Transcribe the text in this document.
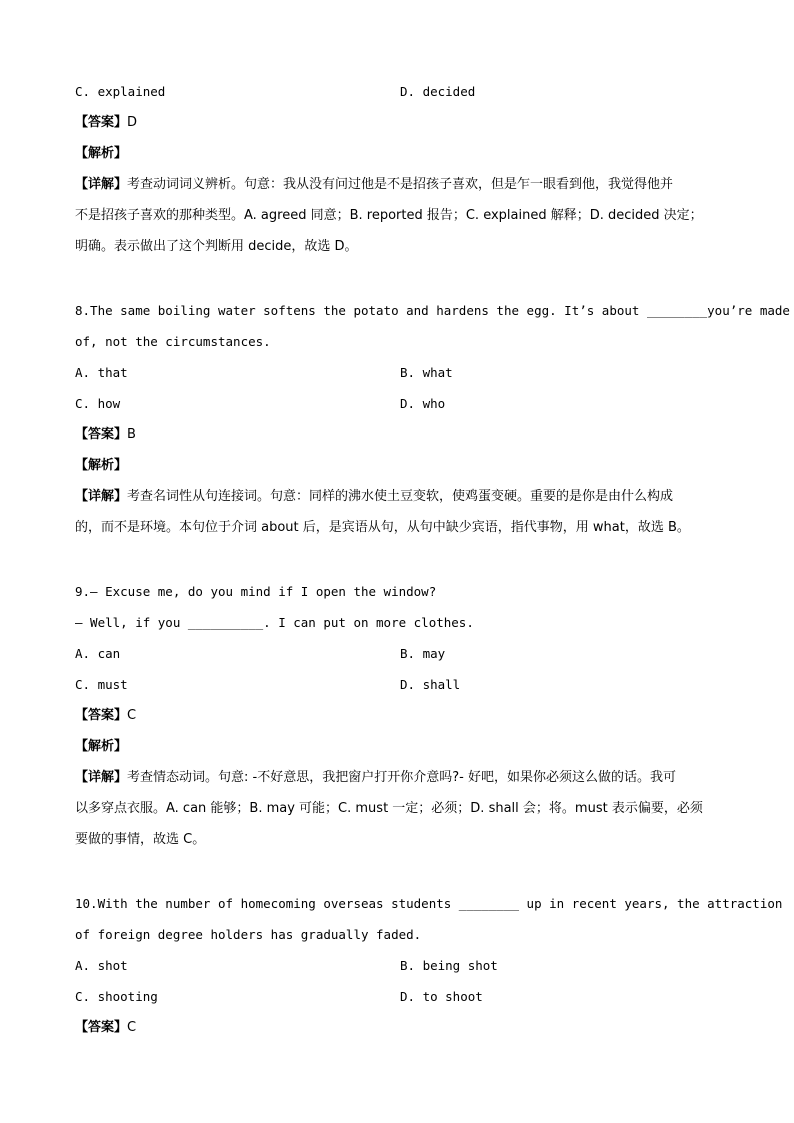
C. explained	D. decided
【答案】D
【解析】
【详解】考查动词词义辨析。句意：我从没有问过他是不是招孩子喜欢，但是乍一眼看到他，我觉得他并
不是招孩子喜欢的那种类型。A. agreed 同意；B. reported 报告；C. explained 解释；D. decided 决定；
明确。表示做出了这个判断用 decide，故选 D。
8.The same boiling water softens the potato and hardens the egg. It’s about ________you’re made
of, not the circumstances.
A. that	B. what
C. how	D. who
【答案】B
【解析】
【详解】考查名词性从句连接词。句意：同样的沸水使土豆变软，使鸡蛋变硬。重要的是你是由什么构成
的，而不是环境。本句位于介词 about 后，是宾语从句，从句中缺少宾语，指代事物，用 what，故选 B。
9.— Excuse me, do you mind if I open the window?
— Well, if you __________. I can put on more clothes.
A. can	B. may
C. must	D. shall
【答案】C
【解析】
【详解】考查情态动词。句意: -不好意思，我把窗户打开你介意吗?- 好吧，如果你必须这么做的话。我可
以多穿点衣服。A. can 能够；B. may 可能；C. must 一定；必须；D. shall 会；将。must 表示偏要，必须
要做的事情，故选 C。
10.With the number of homecoming overseas students ________ up in recent years, the attraction
of foreign degree holders has gradually faded.
A. shot	B. being shot
C. shooting	D. to shoot
【答案】C
